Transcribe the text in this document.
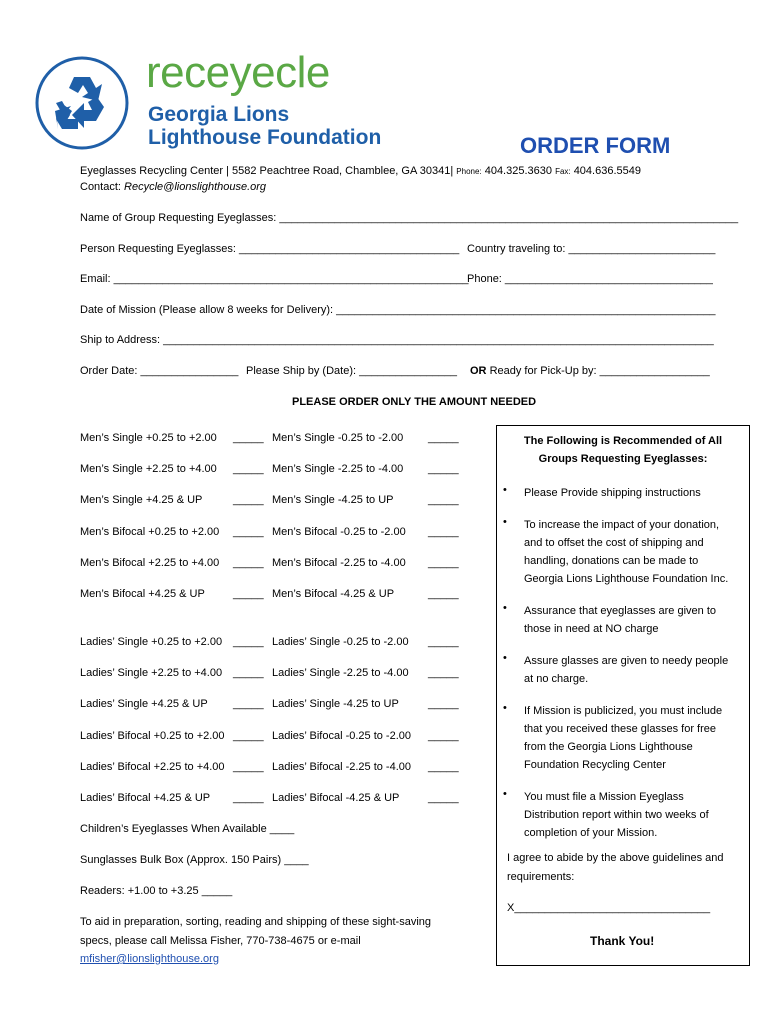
receyecle
Georgia Lions
Lighthouse Foundation	ORDER FORM
Eyeglasses Recycling Center | 5582 Peachtree Road, Chamblee, GA 30341| Phone: 404.325.3630 Fax: 404.636.5549
Contact: Recycle@lionslighthouse.org
Name of Group Requesting Eyeglasses: ___________________________________________________________________________
Person Requesting Eyeglasses: ____________________________________ Country traveling to: ________________________
Email: __________________________________________________________
Phone: __________________________________
Date of Mission (Please allow 8 weeks for Delivery): ______________________________________________________________
Ship to Address: __________________________________________________________________________________________
Order Date: ________________ Please Ship by (Date): ________________ OR Ready for Pick-Up by: __________________
PLEASE ORDER ONLY THE AMOUNT NEEDED
Men’s Single +0.25 to +2.00 _____ Men’s Single -0.25 to -2.00 _____
Men’s Single +2.25 to +4.00 _____ Men’s Single -2.25 to -4.00 _____
Men’s Single +4.25 & UP	_____ Men’s Single -4.25 to UP	_____
Men’s Bifocal +0.25 to +2.00 _____ Men’s Bifocal -0.25 to -2.00 _____
Men’s Bifocal +2.25 to +4.00 _____ Men’s Bifocal -2.25 to -4.00 _____
Men’s Bifocal +4.25 & UP	_____ Men’s Bifocal -4.25 & UP	_____
Ladies’ Single +0.25 to +2.00 _____ Ladies’ Single -0.25 to -2.00 _____
Ladies’ Single +2.25 to +4.00 _____ Ladies’ Single -2.25 to -4.00 _____
Ladies’ Single +4.25 & UP _____ Ladies’ Single -4.25 to UP	_____
Ladies’ Bifocal +0.25 to +2.00 _____ Ladies’ Bifocal -0.25 to -2.00 _____
Ladies’ Bifocal +2.25 to +4.00 _____ Ladies’ Bifocal -2.25 to -4.00 _____
Ladies’ Bifocal +4.25 & UP _____ Ladies’ Bifocal -4.25 & UP	_____
Children’s Eyeglasses When Available ____
Sunglasses Bulk Box (Approx. 150 Pairs) ____
Readers: +1.00 to +3.25 _____
To aid in preparation, sorting, reading and shipping of these sight-saving
specs, please call Melissa Fisher, 770-738-4675 or e-mail
mfisher@lionslighthouse.org
The Following is Recommended of All
Groups Requesting Eyeglasses:
• Please Provide shipping instructions
• To increase the impact of your donation,
and to offset the cost of shipping and
handling, donations can be made to
Georgia Lions Lighthouse Foundation Inc.
• Assurance that eyeglasses are given to
those in need at NO charge
• Assure glasses are given to needy people
at no charge.
• If Mission is publicized, you must include
that you received these glasses for free
from the Georgia Lions Lighthouse
Foundation Recycling Center
• You must file a Mission Eyeglass
Distribution report within two weeks of
completion of your Mission.
I agree to abide by the above guidelines and
requirements:
X________________________________
Thank You!
